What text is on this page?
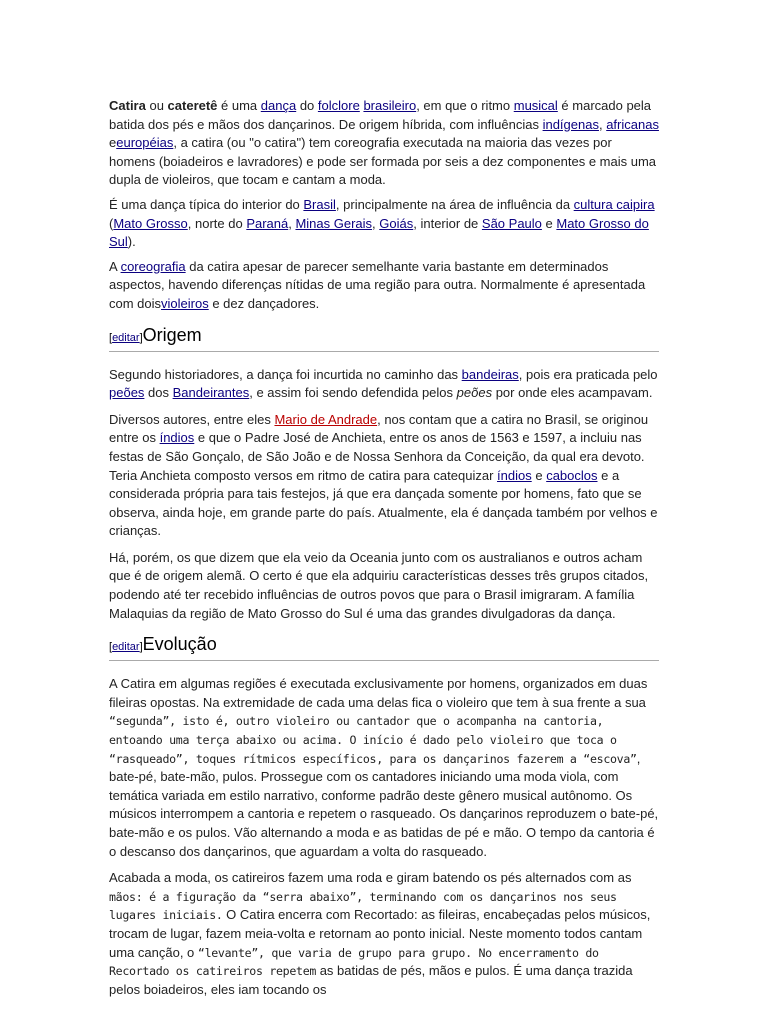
Catira ou cateretê é uma dança do folclore brasileiro, em que o ritmo musical é marcado pela batida dos pés e mãos dos dançarinos. De origem híbrida, com influências indígenas, africanas eeuropéias, a catira (ou "o catira") tem coreografia executada na maioria das vezes por homens (boiadeiros e lavradores) e pode ser formada por seis a dez componentes e mais uma dupla de violeiros, que tocam e cantam a moda.

É uma dança típica do interior do Brasil, principalmente na área de influência da cultura caipira (Mato Grosso, norte do Paraná, Minas Gerais, Goiás, interior de São Paulo e Mato Grosso do Sul).

A coreografia da catira apesar de parecer semelhante varia bastante em determinados aspectos, havendo diferenças nítidas de uma região para outra. Normalmente é apresentada com doisvioleiros e dez dançadores.

[editar]Origem

Segundo historiadores, a dança foi incurtida no caminho das bandeiras, pois era praticada pelo peões dos Bandeirantes, e assim foi sendo defendida pelos peões por onde eles acampavam.

Diversos autores, entre eles Mario de Andrade, nos contam que a catira no Brasil, se originou entre os índios e que o Padre José de Anchieta, entre os anos de 1563 e 1597, a incluiu nas festas de São Gonçalo, de São João e de Nossa Senhora da Conceição, da qual era devoto. Teria Anchieta composto versos em ritmo de catira para catequizar índios e caboclos e a considerada própria para tais festejos, já que era dançada somente por homens, fato que se observa, ainda hoje, em grande parte do país. Atualmente, ela é dançada também por velhos e crianças.

Há, porém, os que dizem que ela veio da Oceania junto com os australianos e outros acham que é de origem alemã. O certo é que ela adquiriu características desses três grupos citados, podendo até ter recebido influências de outros povos que para o Brasil imigraram. A família Malaquias da região de Mato Grosso do Sul é uma das grandes divulgadoras da dança.

[editar]Evolução

A Catira em algumas regiões é executada exclusivamente por homens, organizados em duas fileiras opostas. Na extremidade de cada uma delas fica o violeiro que tem à sua frente a sua “segunda”, isto é, outro violeiro ou cantador que o acompanha na cantoria, entoando uma terça abaixo ou acima. O início é dado pelo violeiro que toca o “rasqueado”, toques rítmicos específicos, para os dançarinos fazerem a “escova”, bate-pé, bate-mão, pulos. Prossegue com os cantadores iniciando uma moda viola, com temática variada em estilo narrativo, conforme padrão deste gênero musical autônomo. Os músicos interrompem a cantoria e repetem o rasqueado. Os dançarinos reproduzem o bate-pé, bate-mão e os pulos. Vão alternando a moda e as batidas de pé e mão. O tempo da cantoria é o descanso dos dançarinos, que aguardam a volta do rasqueado.

Acabada a moda, os catireiros fazem uma roda e giram batendo os pés alternados com as mãos: é a figuração da “serra abaixo”, terminando com os dançarinos nos seus lugares iniciais. O Catira encerra com Recortado: as fileiras, encabeçadas pelos músicos, trocam de lugar, fazem meia-volta e retornam ao ponto inicial. Neste momento todos cantam uma canção, o “levante”, que varia de grupo para grupo. No encerramento do Recortado os catireiros repetem as batidas de pés, mãos e pulos. É uma dança trazida pelos boiadeiros, eles iam tocando os
